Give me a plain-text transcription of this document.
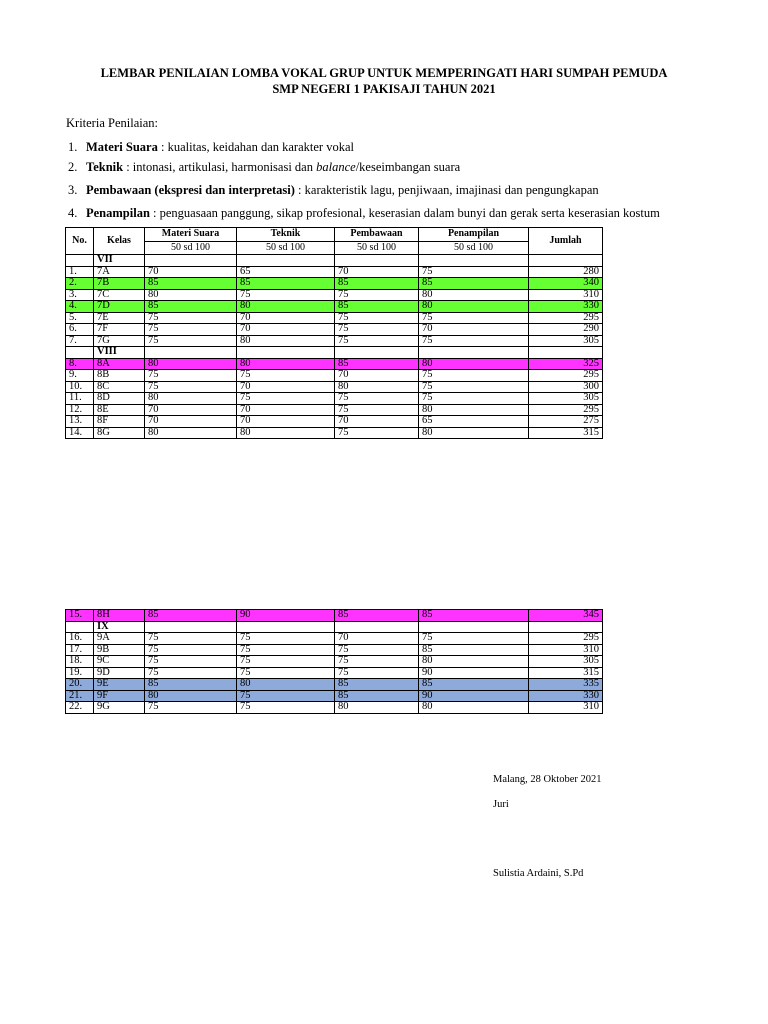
LEMBAR PENILAIAN LOMBA VOKAL GRUP UNTUK MEMPERINGATI HARI SUMPAH PEMUDA
SMP NEGERI 1 PAKISAJI TAHUN 2021
Kriteria Penilaian:
1. Materi Suara : kualitas, keidahan dan karakter vokal
2. Teknik : intonasi, artikulasi, harmonisasi dan balance/keseimbangan suara
3. Pembawaan (ekspresi dan interpretasi) : karakteristik lagu, penjiwaan, imajinasi dan pengungkapan
4. Penampilan : penguasaan panggung, sikap profesional, keserasian dalam bunyi dan gerak serta keserasian kostum
No.	Kelas	Materi Suara	Teknik	Pembawaan	Penampilan	Jumlah
		50 sd 100	50 sd 100	50 sd 100	50 sd 100	
	VII					
1.	7A	70	65	70	75	280
2.	7B	85	85	85	85	340
3.	7C	80	75	75	80	310
4.	7D	85	80	85	80	330
5.	7E	75	70	75	75	295
6.	7F	75	70	75	70	290
7.	7G	75	80	75	75	305
	VIII					
8.	8A	80	80	85	80	325
9.	8B	75	75	70	75	295
10.	8C	75	70	80	75	300
11.	8D	80	75	75	75	305
12.	8E	70	70	75	80	295
13.	8F	70	70	70	65	275
14.	8G	80	80	75	80	315
15.	8H	85	90	85	85	345
	IX					
16.	9A	75	75	70	75	295
17.	9B	75	75	75	85	310
18.	9C	75	75	75	80	305
19.	9D	75	75	75	90	315
20.	9E	85	80	85	85	335
21.	9F	80	75	85	90	330
22.	9G	75	75	80	80	310
Malang, 28 Oktober 2021
Juri
Sulistia Ardaini, S.Pd
